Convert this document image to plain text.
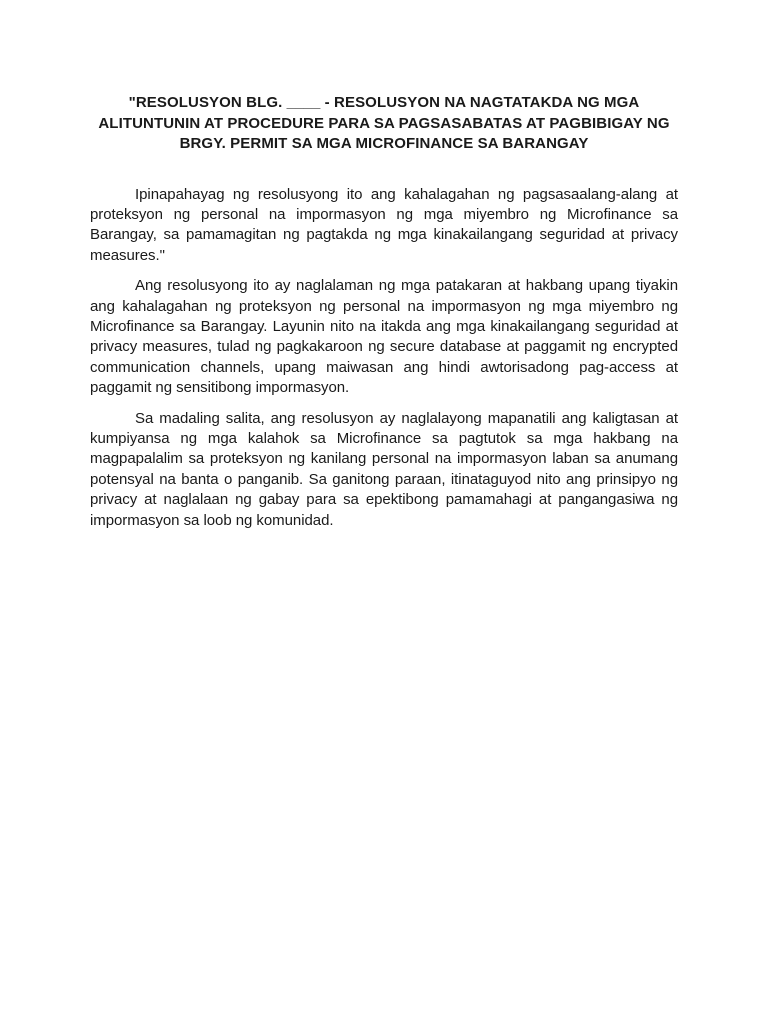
"RESOLUSYON BLG. ____ - RESOLUSYON NA NAGTATAKDA NG MGA
ALITUNTUNIN AT PROCEDURE PARA SA PAGSASABATAS AT PAGBIBIGAY NG
BRGY. PERMIT SA MGA MICROFINANCE SA BARANGAY

Ipinapahayag ng resolusyong ito ang kahalagahan ng pagsasaalang-alang at proteksyon ng personal na impormasyon ng mga miyembro ng Microfinance sa Barangay, sa pamamagitan ng pagtakda ng mga kinakailangang seguridad at privacy measures."

Ang resolusyong ito ay naglalaman ng mga patakaran at hakbang upang tiyakin ang kahalagahan ng proteksyon ng personal na impormasyon ng mga miyembro ng Microfinance sa Barangay. Layunin nito na itakda ang mga kinakailangang seguridad at privacy measures, tulad ng pagkakaroon ng secure database at paggamit ng encrypted communication channels, upang maiwasan ang hindi awtorisadong pag-access at paggamit ng sensitibong impormasyon.

Sa madaling salita, ang resolusyon ay naglalayong mapanatili ang kaligtasan at kumpiyansa ng mga kalahok sa Microfinance sa pagtutok sa mga hakbang na magpapalalim sa proteksyon ng kanilang personal na impormasyon laban sa anumang potensyal na banta o panganib. Sa ganitong paraan, itinataguyod nito ang prinsipyo ng privacy at naglalaan ng gabay para sa epektibong pamamahagi at pangangasiwa ng impormasyon sa loob ng komunidad.
